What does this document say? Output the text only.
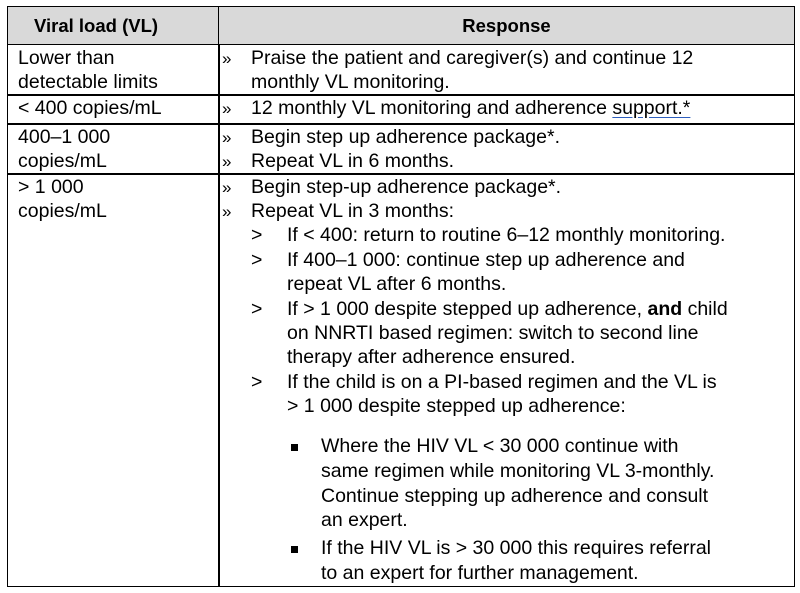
Viral load (VL)	Response
Lower than
detectable limits
» Praise the patient and caregiver(s) and continue 12
monthly VL monitoring.
< 400 copies/mL	» 12 monthly VL monitoring and adherence support.*
400–1 000
copies/mL
» Begin step up adherence package*.
» Repeat VL in 6 months.
> 1 000
copies/mL
» Begin step-up adherence package*.
» Repeat VL in 3 months:
> If < 400: return to routine 6–12 monthly monitoring.
> If 400–1 000: continue step up adherence and
repeat VL after 6 months.
> If > 1 000 despite stepped up adherence, and child
on NNRTI based regimen: switch to second line
therapy after adherence ensured.
> If the child is on a PI-based regimen and the VL is
> 1 000 despite stepped up adherence:
Where the HIV VL < 30 000 continue with
same regimen while monitoring VL 3-monthly.
Continue stepping up adherence and consult
an expert.
If the HIV VL is > 30 000 this requires referral
to an expert for further management.
